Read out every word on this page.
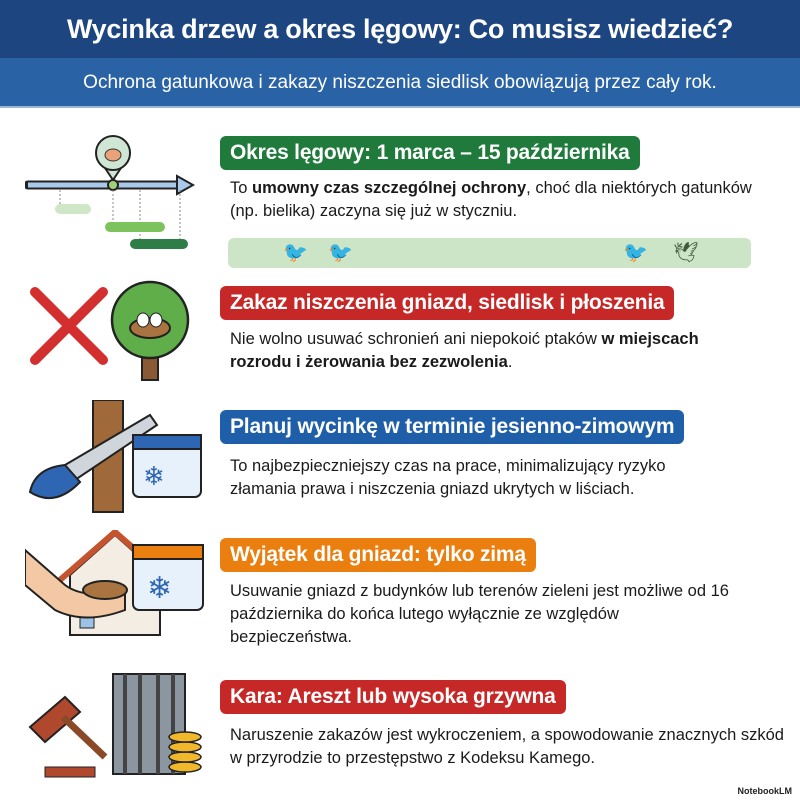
Wycinka drzew a okres lęgowy: Co musisz wiedzieć?
Ochrona gatunkowa i zakazy niszczenia siedlisk obowiązują przez cały rok.
Okres lęgowy: 1 marca – 15 października
To umowny czas szczególnej ochrony, choć dla niektórych gatunków (np. bielika) zaczyna się już w styczniu.
🐦 🐦	🐦 🕊
Zakaz niszczenia gniazd, siedlisk i płoszenia
Nie wolno usuwać schronień ani niepokoić ptaków w miejscach rozrodu i żerowania bez zezwolenia.
❄
Planuj wycinkę w terminie jesienno-zimowym
To najbezpieczniejszy czas na prace, minimalizujący ryzyko złamania prawa i niszczenia gniazd ukrytych w liściach.
❄
Wyjątek dla gniazd: tylko zimą
Usuwanie gniazd z budynków lub terenów zieleni jest możliwe od 16 października do końca lutego wyłącznie ze względów bezpieczeństwa.
Kara: Areszt lub wysoka grzywna
Naruszenie zakazów jest wykroczeniem, a spowodowanie znacznych szkód w przyrodzie to przestępstwo z Kodeksu Kamego.
NotebookLM
